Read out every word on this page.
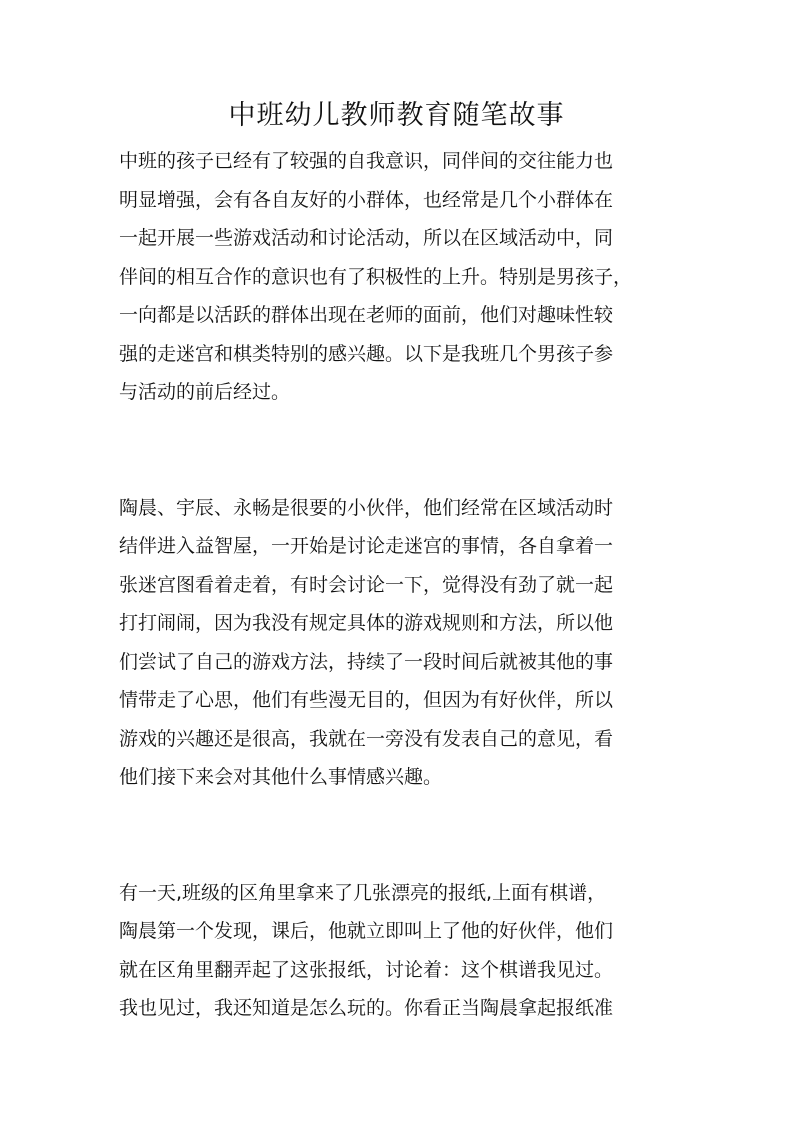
中班幼儿教师教育随笔故事

中班的孩子已经有了较强的自我意识，同伴间的交往能力也

明显增强，会有各自友好的小群体，也经常是几个小群体在

一起开展一些游戏活动和讨论活动，所以在区域活动中，同

伴间的相互合作的意识也有了积极性的上升。特别是男孩子，

一向都是以活跃的群体出现在老师的面前，他们对趣味性较

强的走迷宫和棋类特别的感兴趣。以下是我班几个男孩子参

与活动的前后经过。

陶晨、宇辰、永畅是很要的小伙伴，他们经常在区域活动时

结伴进入益智屋，一开始是讨论走迷宫的事情，各自拿着一

张迷宫图看着走着，有时会讨论一下，觉得没有劲了就一起

打打闹闹，因为我没有规定具体的游戏规则和方法，所以他

们尝试了自己的游戏方法，持续了一段时间后就被其他的事

情带走了心思，他们有些漫无目的，但因为有好伙伴，所以

游戏的兴趣还是很高，我就在一旁没有发表自己的意见，看

他们接下来会对其他什么事情感兴趣。

有一天,班级的区角里拿来了几张漂亮的报纸,上面有棋谱，

陶晨第一个发现，课后，他就立即叫上了他的好伙伴，他们

就在区角里翻弄起了这张报纸，讨论着：这个棋谱我见过。

我也见过，我还知道是怎么玩的。你看正当陶晨拿起报纸准
